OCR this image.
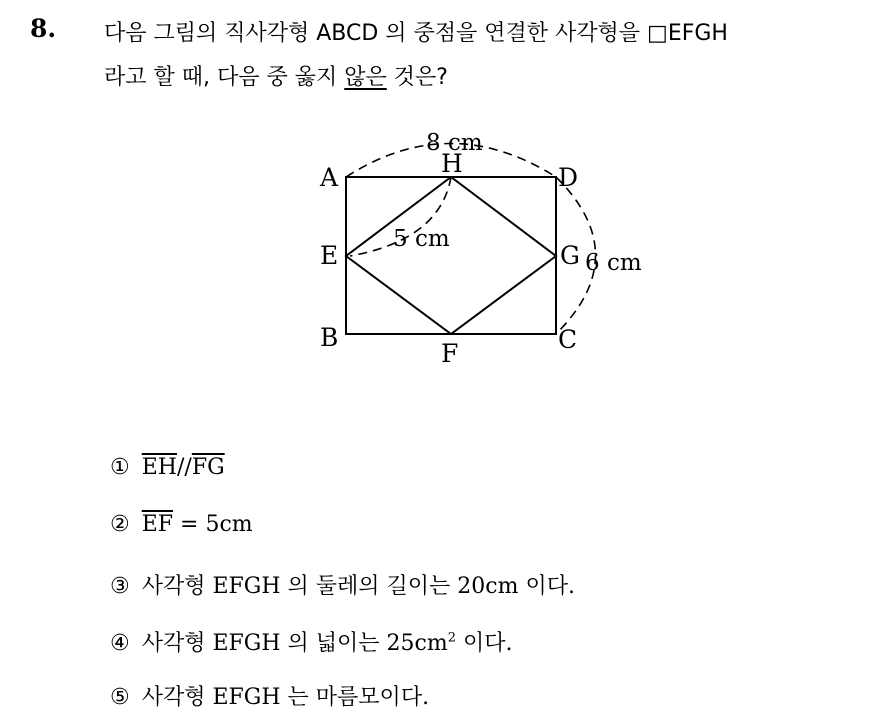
8. 다음 그림의 직사각형 ABCD 의 중점을 연결한 사각형을 □EFGH
라고 할 때, 다음 중 옳지 않은 것은?
A
B	C
D
E
F
G
H
8 cm
6 cm
5 cm
① $\overline{EH}//\overline{FG}$
② $\overline{EF} = 5cm$
③ 사각형 EFGH 의 둘레의 길이는 20cm 이다.
④ 사각형 EFGH 의 넓이는 $25cm^2$ 이다.
⑤ 사각형 EFGH 는 마름모이다.
